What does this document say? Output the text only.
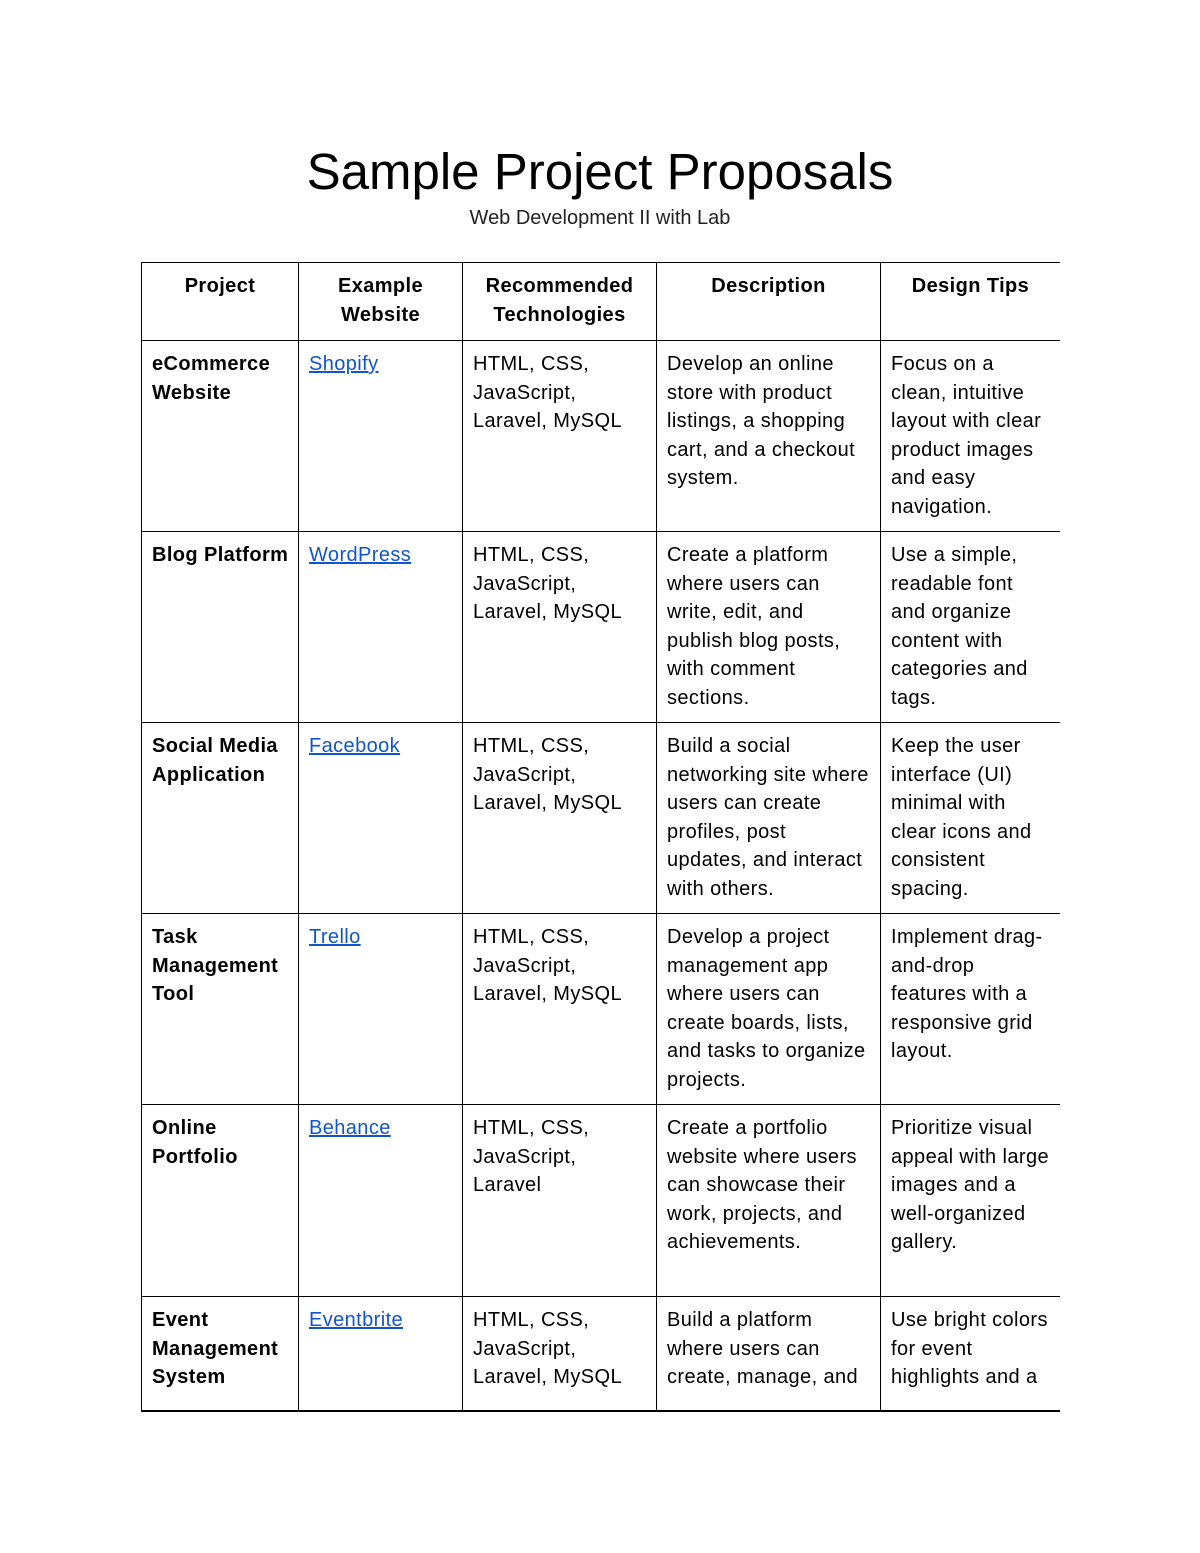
Sample Project Proposals
Web Development II with Lab
Project	Example Website	Recommended Technologies	Description	Design Tips
eCommerce Website	Shopify	HTML, CSS, JavaScript, Laravel, MySQL	Develop an online store with product listings, a shopping cart, and a checkout system.	Focus on a clean, intuitive layout with clear product images and easy navigation.
Blog Platform	WordPress	HTML, CSS, JavaScript, Laravel, MySQL	Create a platform where users can write, edit, and publish blog posts, with comment sections.	Use a simple, readable font and organize content with categories and tags.
Social Media Application	Facebook	HTML, CSS, JavaScript, Laravel, MySQL	Build a social networking site where users can create profiles, post updates, and interact with others.	Keep the user interface (UI) minimal with clear icons and consistent spacing.
Task Management Tool	Trello	HTML, CSS, JavaScript, Laravel, MySQL	Develop a project management app where users can create boards, lists, and tasks to organize projects.	Implement drag-and-drop features with a responsive grid layout.
Online Portfolio	Behance	HTML, CSS, JavaScript, Laravel	Create a portfolio website where users can showcase their work, projects, and achievements.	Prioritize visual appeal with large images and a well-organized gallery.
Event Management System	Eventbrite	HTML, CSS, JavaScript, Laravel, MySQL	Build a platform where users can create, manage, and	Use bright colors for event highlights and a
